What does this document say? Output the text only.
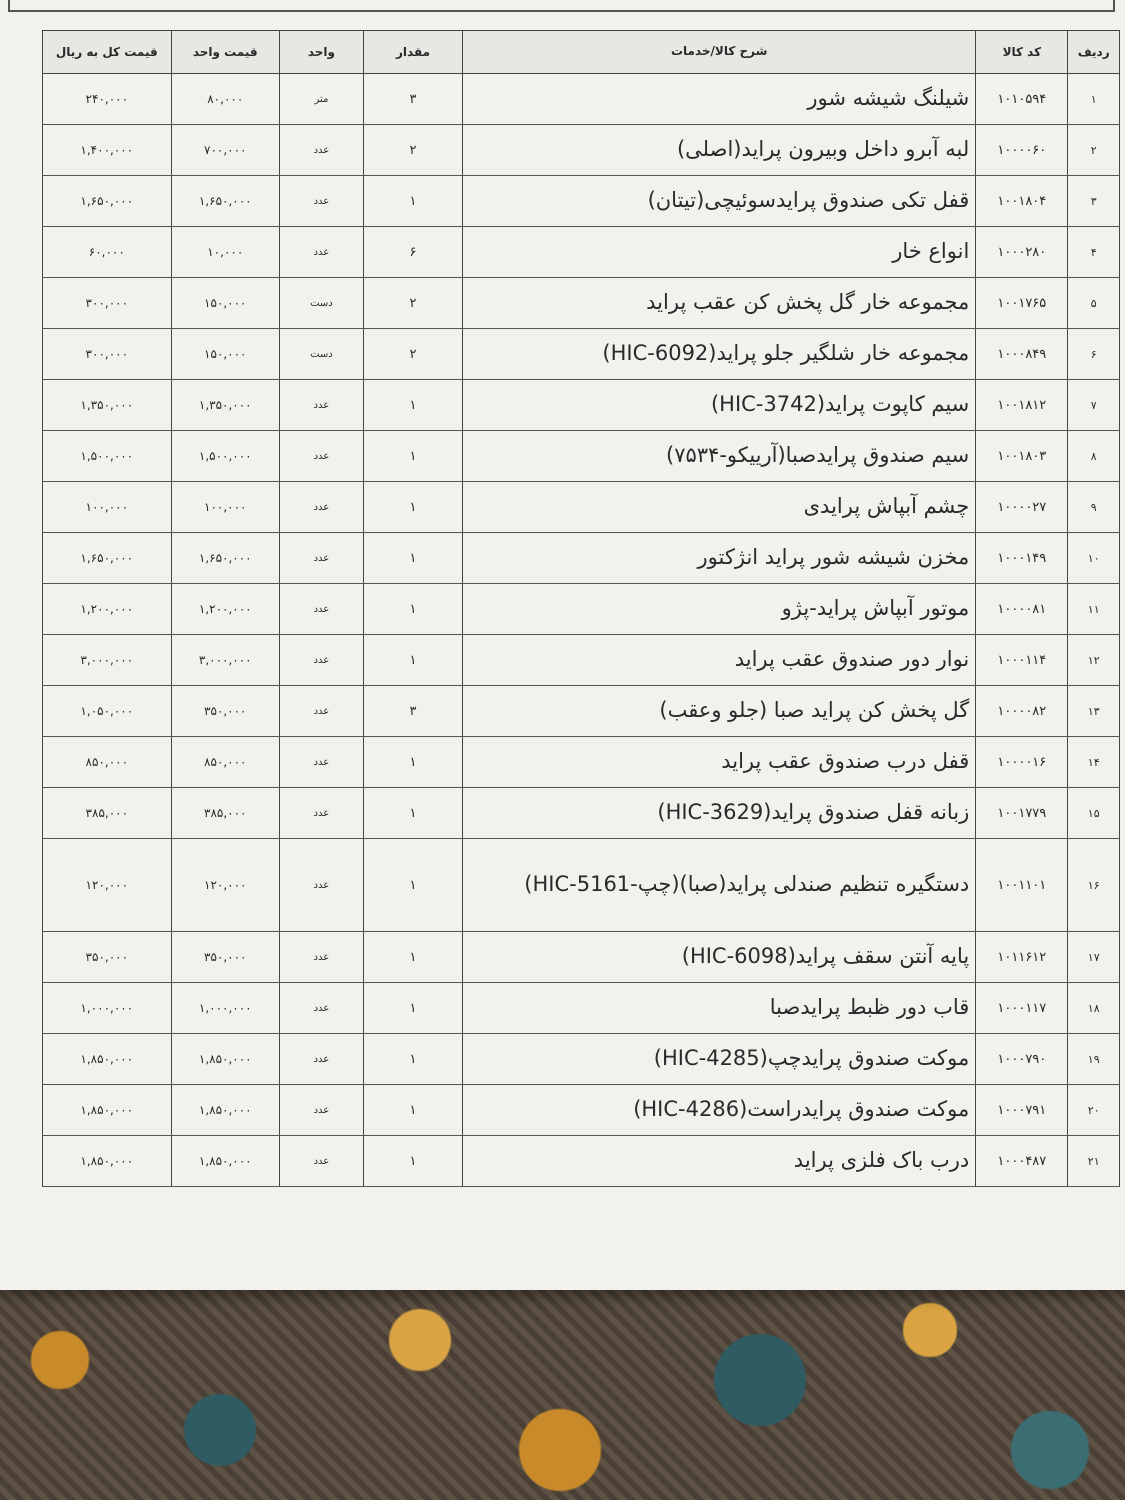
ردیف	کد کالا	شرح کالا/خدمات	مقدار	واحد	قیمت واحد	قیمت کل به ریال
۱	۱۰۱۰۵۹۴	شیلنگ شیشه شور	۳	متر	۸۰,۰۰۰	۲۴۰,۰۰۰
۲	۱۰۰۰۰۶۰	لبه آبرو داخل وبیرون پراید(اصلی)	۲	عدد	۷۰۰,۰۰۰	۱,۴۰۰,۰۰۰
۳	۱۰۰۱۸۰۴	قفل تکی صندوق پرایدسوئیچی(تیتان)	۱	عدد	۱,۶۵۰,۰۰۰	۱,۶۵۰,۰۰۰
۴	۱۰۰۰۲۸۰	انواع خار	۶	عدد	۱۰,۰۰۰	۶۰,۰۰۰
۵	۱۰۰۱۷۶۵	مجموعه خار گل پخش کن عقب پراید	۲	دست	۱۵۰,۰۰۰	۳۰۰,۰۰۰
۶	۱۰۰۰۸۴۹	مجموعه خار شلگیر جلو پراید(HIC-6092)	۲	دست	۱۵۰,۰۰۰	۳۰۰,۰۰۰
۷	۱۰۰۱۸۱۲	سیم کاپوت پراید(HIC-3742)	۱	عدد	۱,۳۵۰,۰۰۰	۱,۳۵۰,۰۰۰
۸	۱۰۰۱۸۰۳	سیم صندوق پرایدصبا(آرییکو-۷۵۳۴)	۱	عدد	۱,۵۰۰,۰۰۰	۱,۵۰۰,۰۰۰
۹	۱۰۰۰۰۲۷	چشم آبپاش پرایدی	۱	عدد	۱۰۰,۰۰۰	۱۰۰,۰۰۰
۱۰	۱۰۰۰۱۴۹	مخزن شیشه شور پراید انژکتور	۱	عدد	۱,۶۵۰,۰۰۰	۱,۶۵۰,۰۰۰
۱۱	۱۰۰۰۰۸۱	موتور آبپاش پراید-پژو	۱	عدد	۱,۲۰۰,۰۰۰	۱,۲۰۰,۰۰۰
۱۲	۱۰۰۰۱۱۴	نوار دور صندوق عقب پراید	۱	عدد	۳,۰۰۰,۰۰۰	۳,۰۰۰,۰۰۰
۱۳	۱۰۰۰۰۸۲	گل پخش کن پراید صبا (جلو وعقب)	۳	عدد	۳۵۰,۰۰۰	۱,۰۵۰,۰۰۰
۱۴	۱۰۰۰۰۱۶	قفل درب صندوق عقب پراید	۱	عدد	۸۵۰,۰۰۰	۸۵۰,۰۰۰
۱۵	۱۰۰۱۷۷۹	زبانه قفل صندوق پراید(HIC-3629)	۱	عدد	۳۸۵,۰۰۰	۳۸۵,۰۰۰
۱۶	۱۰۰۱۱۰۱	دستگیره تنظیم صندلی پراید(صبا)(چپ-HIC-5161)	۱	عدد	۱۲۰,۰۰۰	۱۲۰,۰۰۰
۱۷	۱۰۱۱۶۱۲	پایه آنتن سقف پراید(HIC-6098)	۱	عدد	۳۵۰,۰۰۰	۳۵۰,۰۰۰
۱۸	۱۰۰۰۱۱۷	قاب دور ظبط پرایدصبا	۱	عدد	۱,۰۰۰,۰۰۰	۱,۰۰۰,۰۰۰
۱۹	۱۰۰۰۷۹۰	موکت صندوق پرایدچپ(HIC-4285)	۱	عدد	۱,۸۵۰,۰۰۰	۱,۸۵۰,۰۰۰
۲۰	۱۰۰۰۷۹۱	موکت صندوق پرایدراست(HIC-4286)	۱	عدد	۱,۸۵۰,۰۰۰	۱,۸۵۰,۰۰۰
۲۱	۱۰۰۰۴۸۷	درب باک فلزی پراید	۱	عدد	۱,۸۵۰,۰۰۰	۱,۸۵۰,۰۰۰
